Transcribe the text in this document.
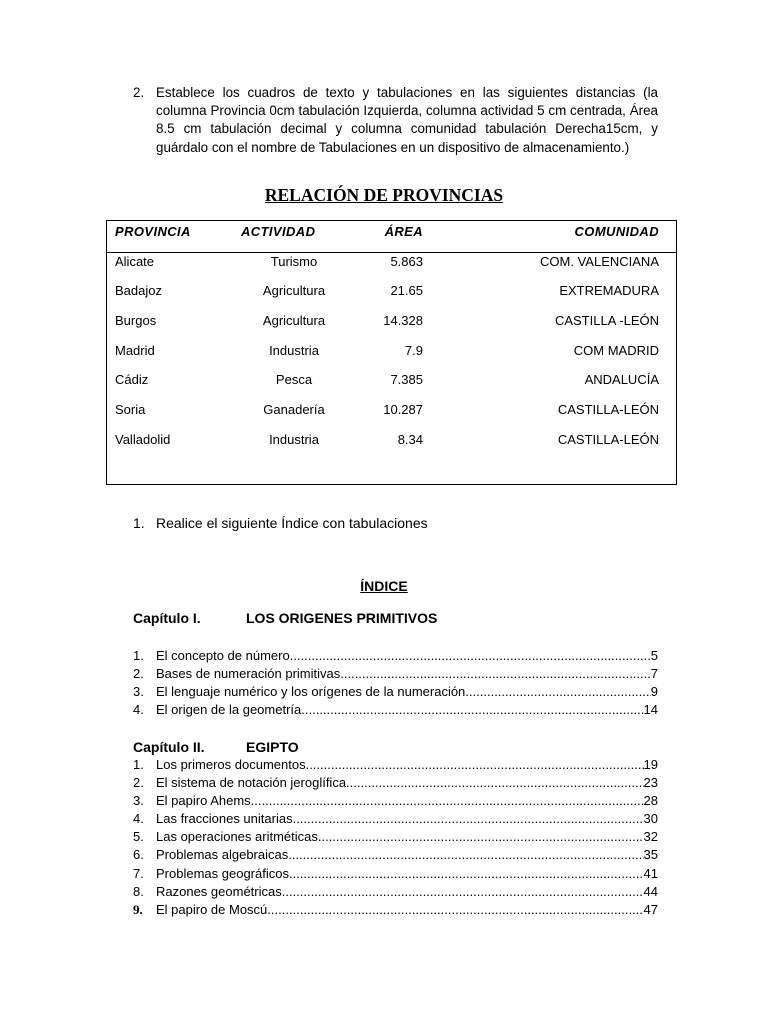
2. Establece los cuadros de texto y tabulaciones en las siguientes distancias (la columna Provincia 0cm tabulación Izquierda, columna actividad 5 cm centrada, Área 8.5 cm tabulación decimal y columna comunidad tabulación Derecha15cm, y guárdalo con el nombre de Tabulaciones en un dispositivo de almacenamiento.)
RELACIÓN DE PROVINCIAS
PROVINCIA	ACTIVIDAD	ÁREA	COMUNIDAD
Alicate	Turismo	5.863	COM. VALENCIANA
Badajoz	Agricultura	21.65	EXTREMADURA
Burgos	Agricultura	14.328	CASTILLA -LEÓN
Madrid	Industria	7.9	COM MADRID
Cádiz	Pesca	7.385	ANDALUCÍA
Soria	Ganadería	10.287	CASTILLA-LEÓN
Valladolid	Industria	8.34	CASTILLA-LEÓN
1. Realice el siguiente Índice con tabulaciones
ÍNDICE
Capítulo I.	LOS ORIGENES PRIMITIVOS
1. El concepto de número .....	5
2. Bases de numeración primitivas .....	7
3. El lenguaje numérico y los orígenes de la numeración .....	9
4. El origen de la geometría .....	14
Capítulo II.	EGIPTO
1. Los primeros documentos .....	19
2. El sistema de notación jeroglífica .....	23
3. El papiro Ahems .....	28
4. Las fracciones unitarias .....	30
5. Las operaciones aritméticas .....	32
6. Problemas algebraicas .....	35
7. Problemas geográficos .....	41
8. Razones geométricas .....	44
9. El papiro de Moscú .....	47
